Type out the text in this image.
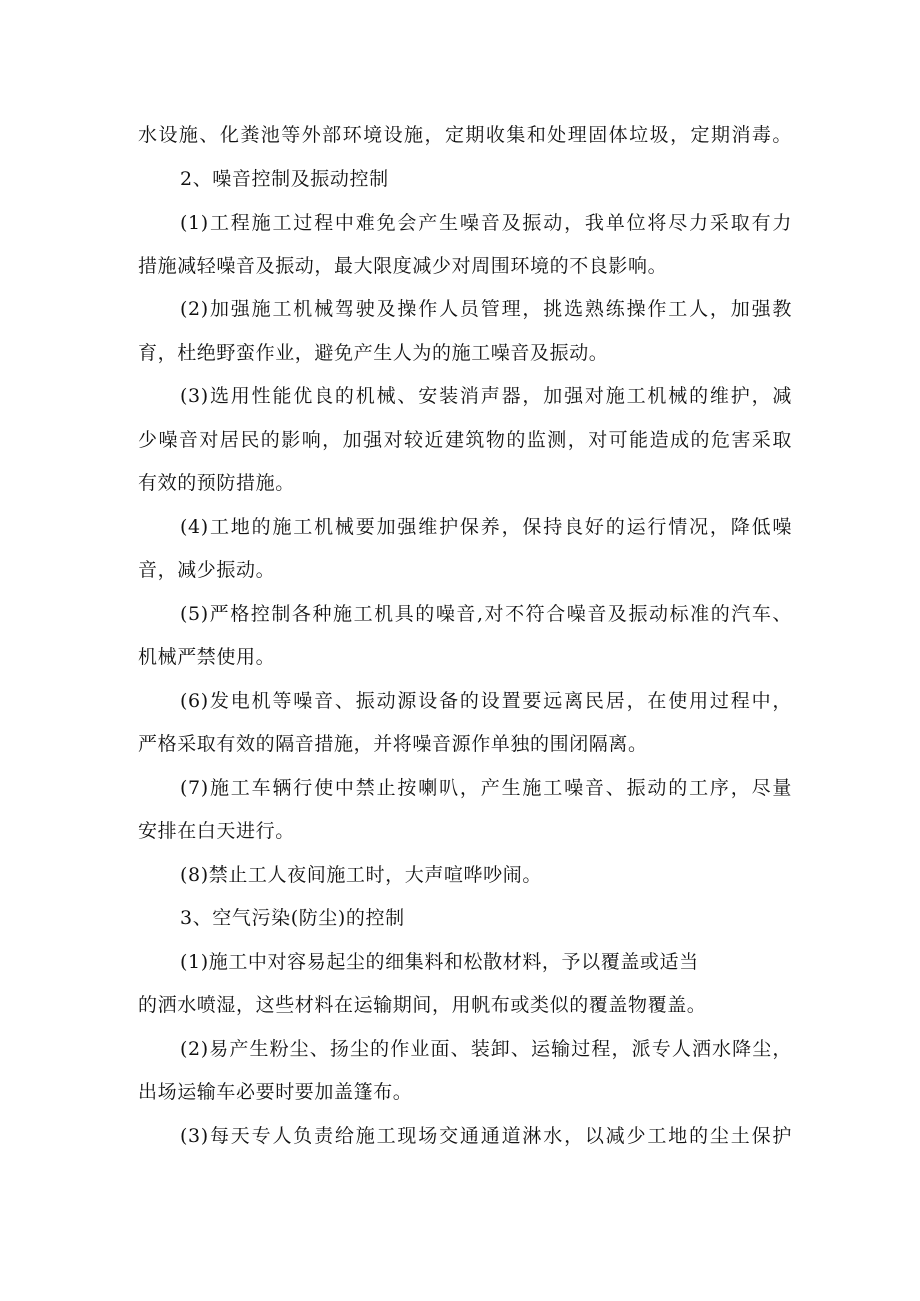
水设施、化粪池等外部环境设施，定期收集和处理固体垃圾，定期消毒。
2、噪音控制及振动控制
(1)工程施工过程中难免会产生噪音及振动，我单位将尽力采取有力
措施减轻噪音及振动，最大限度减少对周围环境的不良影响。
(2)加强施工机械驾驶及操作人员管理，挑选熟练操作工人，加强教
育，杜绝野蛮作业，避免产生人为的施工噪音及振动。
(3)选用性能优良的机械、安装消声器，加强对施工机械的维护，减
少噪音对居民的影响，加强对较近建筑物的监测，对可能造成的危害采取
有效的预防措施。
(4)工地的施工机械要加强维护保养，保持良好的运行情况，降低噪
音，减少振动。
(5)严格控制各种施工机具的噪音,对不符合噪音及振动标准的汽车、
机械严禁使用。
(6)发电机等噪音、振动源设备的设置要远离民居，在使用过程中，
严格采取有效的隔音措施，并将噪音源作单独的围闭隔离。
(7)施工车辆行使中禁止按喇叭，产生施工噪音、振动的工序，尽量
安排在白天进行。
(8)禁止工人夜间施工时，大声喧哗吵闹。
3、空气污染(防尘)的控制
(1)施工中对容易起尘的细集料和松散材料，予以覆盖或适当
的洒水喷湿，这些材料在运输期间，用帆布或类似的覆盖物覆盖。
(2)易产生粉尘、扬尘的作业面、装卸、运输过程，派专人洒水降尘，
出场运输车必要时要加盖篷布。
(3)每天专人负责给施工现场交通通道淋水，以减少工地的尘土保护
